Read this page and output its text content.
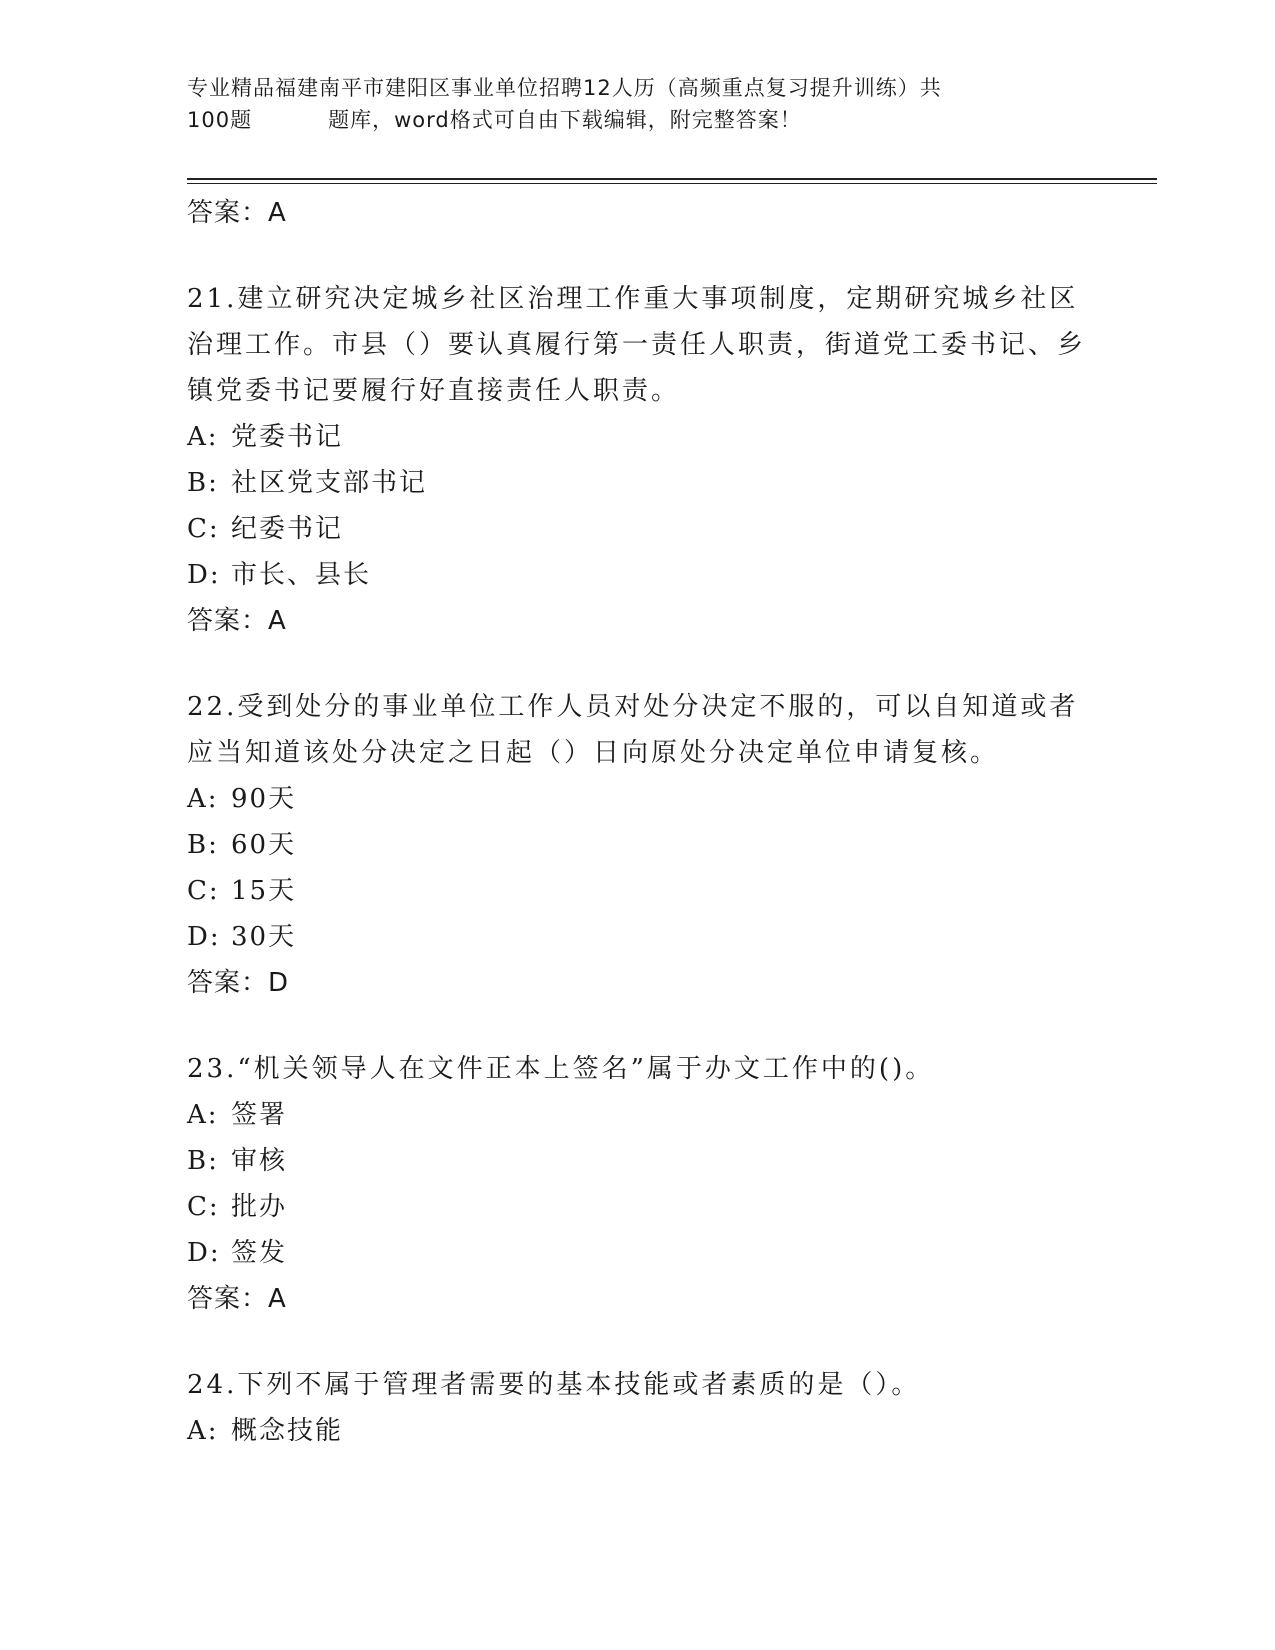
专业精品福建南平市建阳区事业单位招聘12人历（高频重点复习提升训练）共
100题	题库，word格式可自由下载编辑，附完整答案！
答案：A

21.建立研究决定城乡社区治理工作重大事项制度，定期研究城乡社区治理工作。市县（）要认真履行第一责任人职责，街道党工委书记、乡镇党委书记要履行好直接责任人职责。

A: 党委书记
B: 社区党支部书记
C: 纪委书记
D: 市长、县长
答案：A

22.受到处分的事业单位工作人员对处分决定不服的，可以自知道或者应当知道该处分决定之日起（）日向原处分决定单位申请复核。

A: 90天
B: 60天
C: 15天
D: 30天
答案：D

23.“机关领导人在文件正本上签名”属于办文工作中的()。

A: 签署
B: 审核
C: 批办
D: 签发
答案：A

24.下列不属于管理者需要的基本技能或者素质的是（）。

A: 概念技能
